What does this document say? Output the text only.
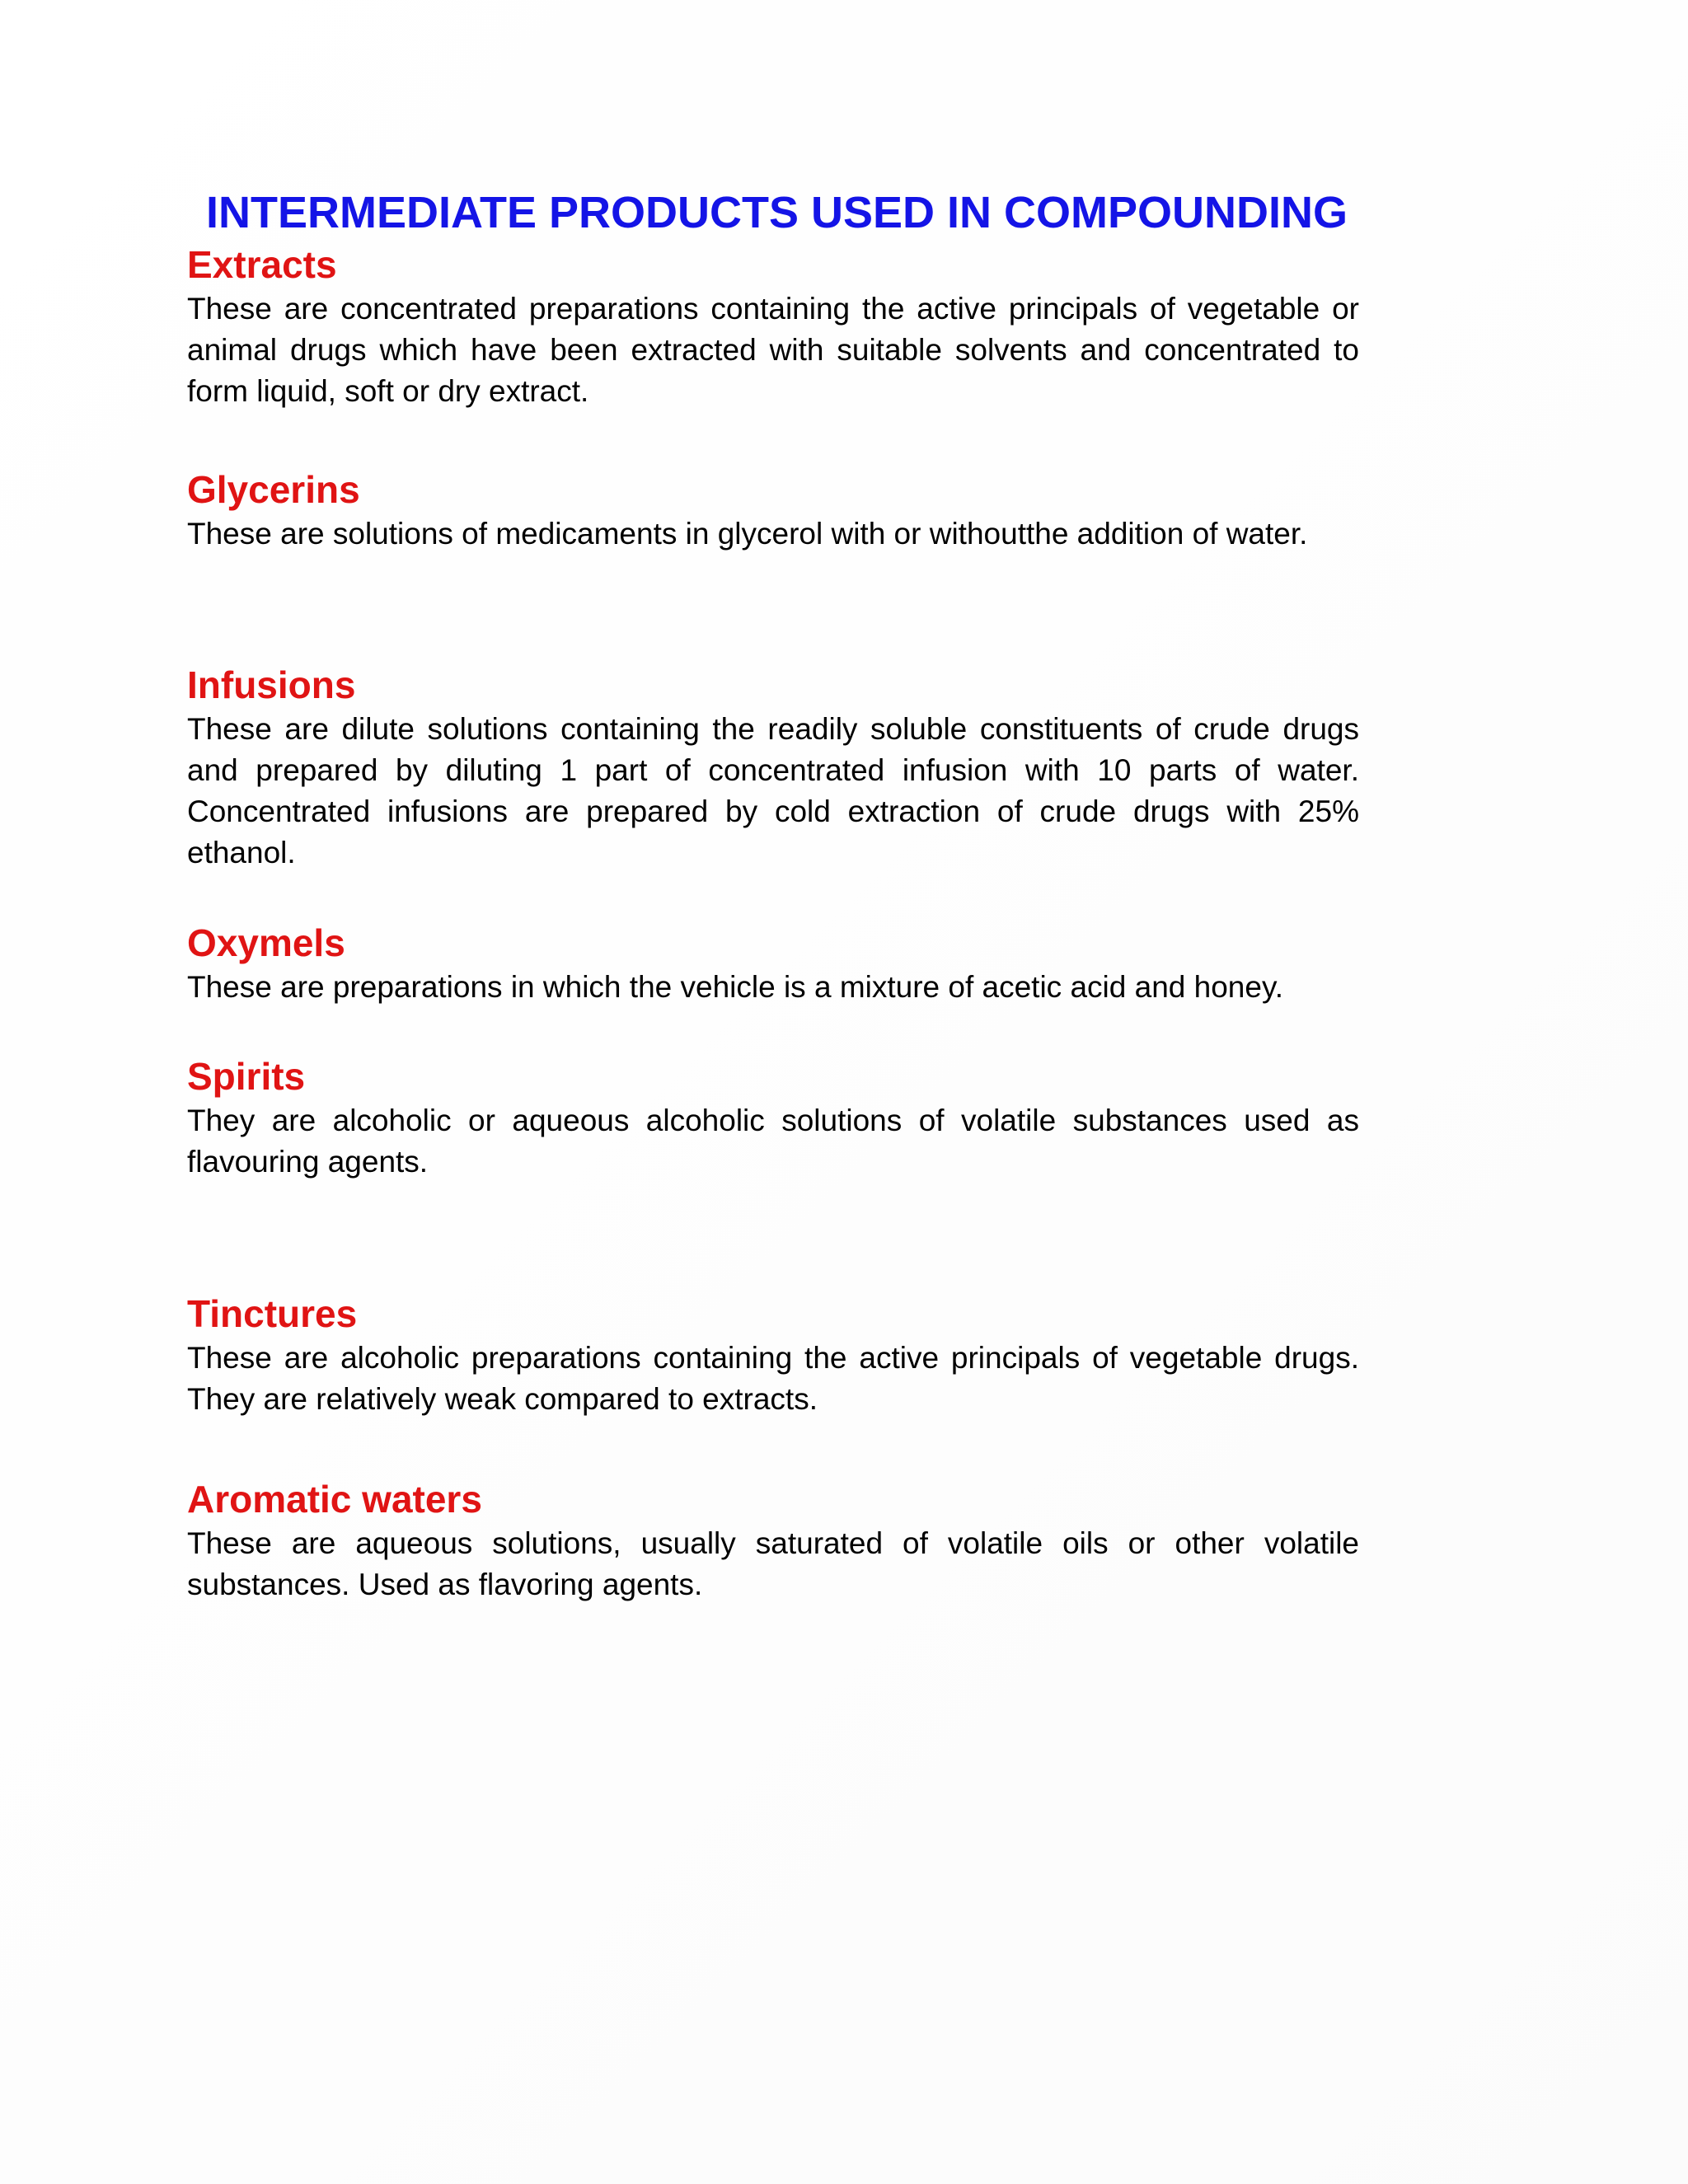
INTERMEDIATE PRODUCTS USED IN COMPOUNDING
Extracts

These are concentrated preparations containing the active principals of vegetable or animal drugs which have been extracted with suitable solvents and concentrated to form liquid, soft or dry extract.

Glycerins

These are solutions of medicaments in glycerol with or withoutthe addition of water.

Infusions

These are dilute solutions containing the readily soluble constituents of crude drugs and prepared by diluting 1 part of concentrated infusion with 10 parts of water. Concentrated infusions are prepared by cold extraction of crude drugs with 25% ethanol.

Oxymels

These are preparations in which the vehicle is a mixture of acetic acid and honey.

Spirits

They are alcoholic or aqueous alcoholic solutions of volatile substances used as flavouring agents.

Tinctures

These are alcoholic preparations containing the active principals of vegetable drugs. They are relatively weak compared to extracts.

Aromatic waters

These are aqueous solutions, usually saturated of volatile oils or other volatile substances. Used as flavoring agents.
